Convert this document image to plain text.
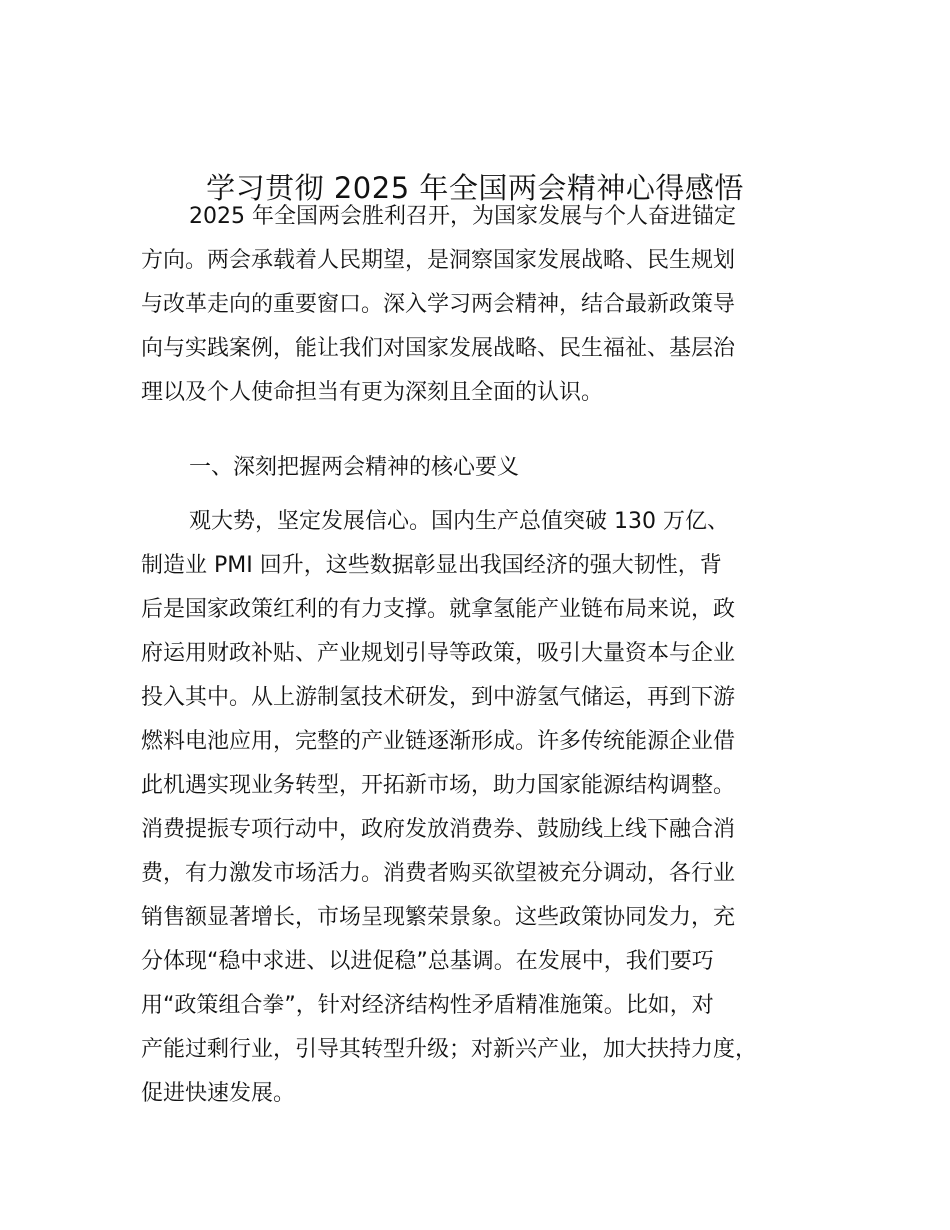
学习贯彻 2025 年全国两会精神心得感悟
2025 年全国两会胜利召开，为国家发展与个人奋进锚定
方向。两会承载着人民期望，是洞察国家发展战略、民生规划
与改革走向的重要窗口。深入学习两会精神，结合最新政策导
向与实践案例，能让我们对国家发展战略、民生福祉、基层治
理以及个人使命担当有更为深刻且全面的认识。
一、深刻把握两会精神的核心要义
观大势，坚定发展信心。国内生产总值突破 130 万亿、
制造业 PMI 回升，这些数据彰显出我国经济的强大韧性，背
后是国家政策红利的有力支撑。就拿氢能产业链布局来说，政
府运用财政补贴、产业规划引导等政策，吸引大量资本与企业
投入其中。从上游制氢技术研发，到中游氢气储运，再到下游
燃料电池应用，完整的产业链逐渐形成。许多传统能源企业借
此机遇实现业务转型，开拓新市场，助力国家能源结构调整。
消费提振专项行动中，政府发放消费券、鼓励线上线下融合消
费，有力激发市场活力。消费者购买欲望被充分调动，各行业
销售额显著增长，市场呈现繁荣景象。这些政策协同发力，充
分体现“稳中求进、以进促稳”总基调。在发展中，我们要巧
用“政策组合拳”，针对经济结构性矛盾精准施策。比如，对
产能过剩行业，引导其转型升级；对新兴产业，加大扶持力度，
促进快速发展。
